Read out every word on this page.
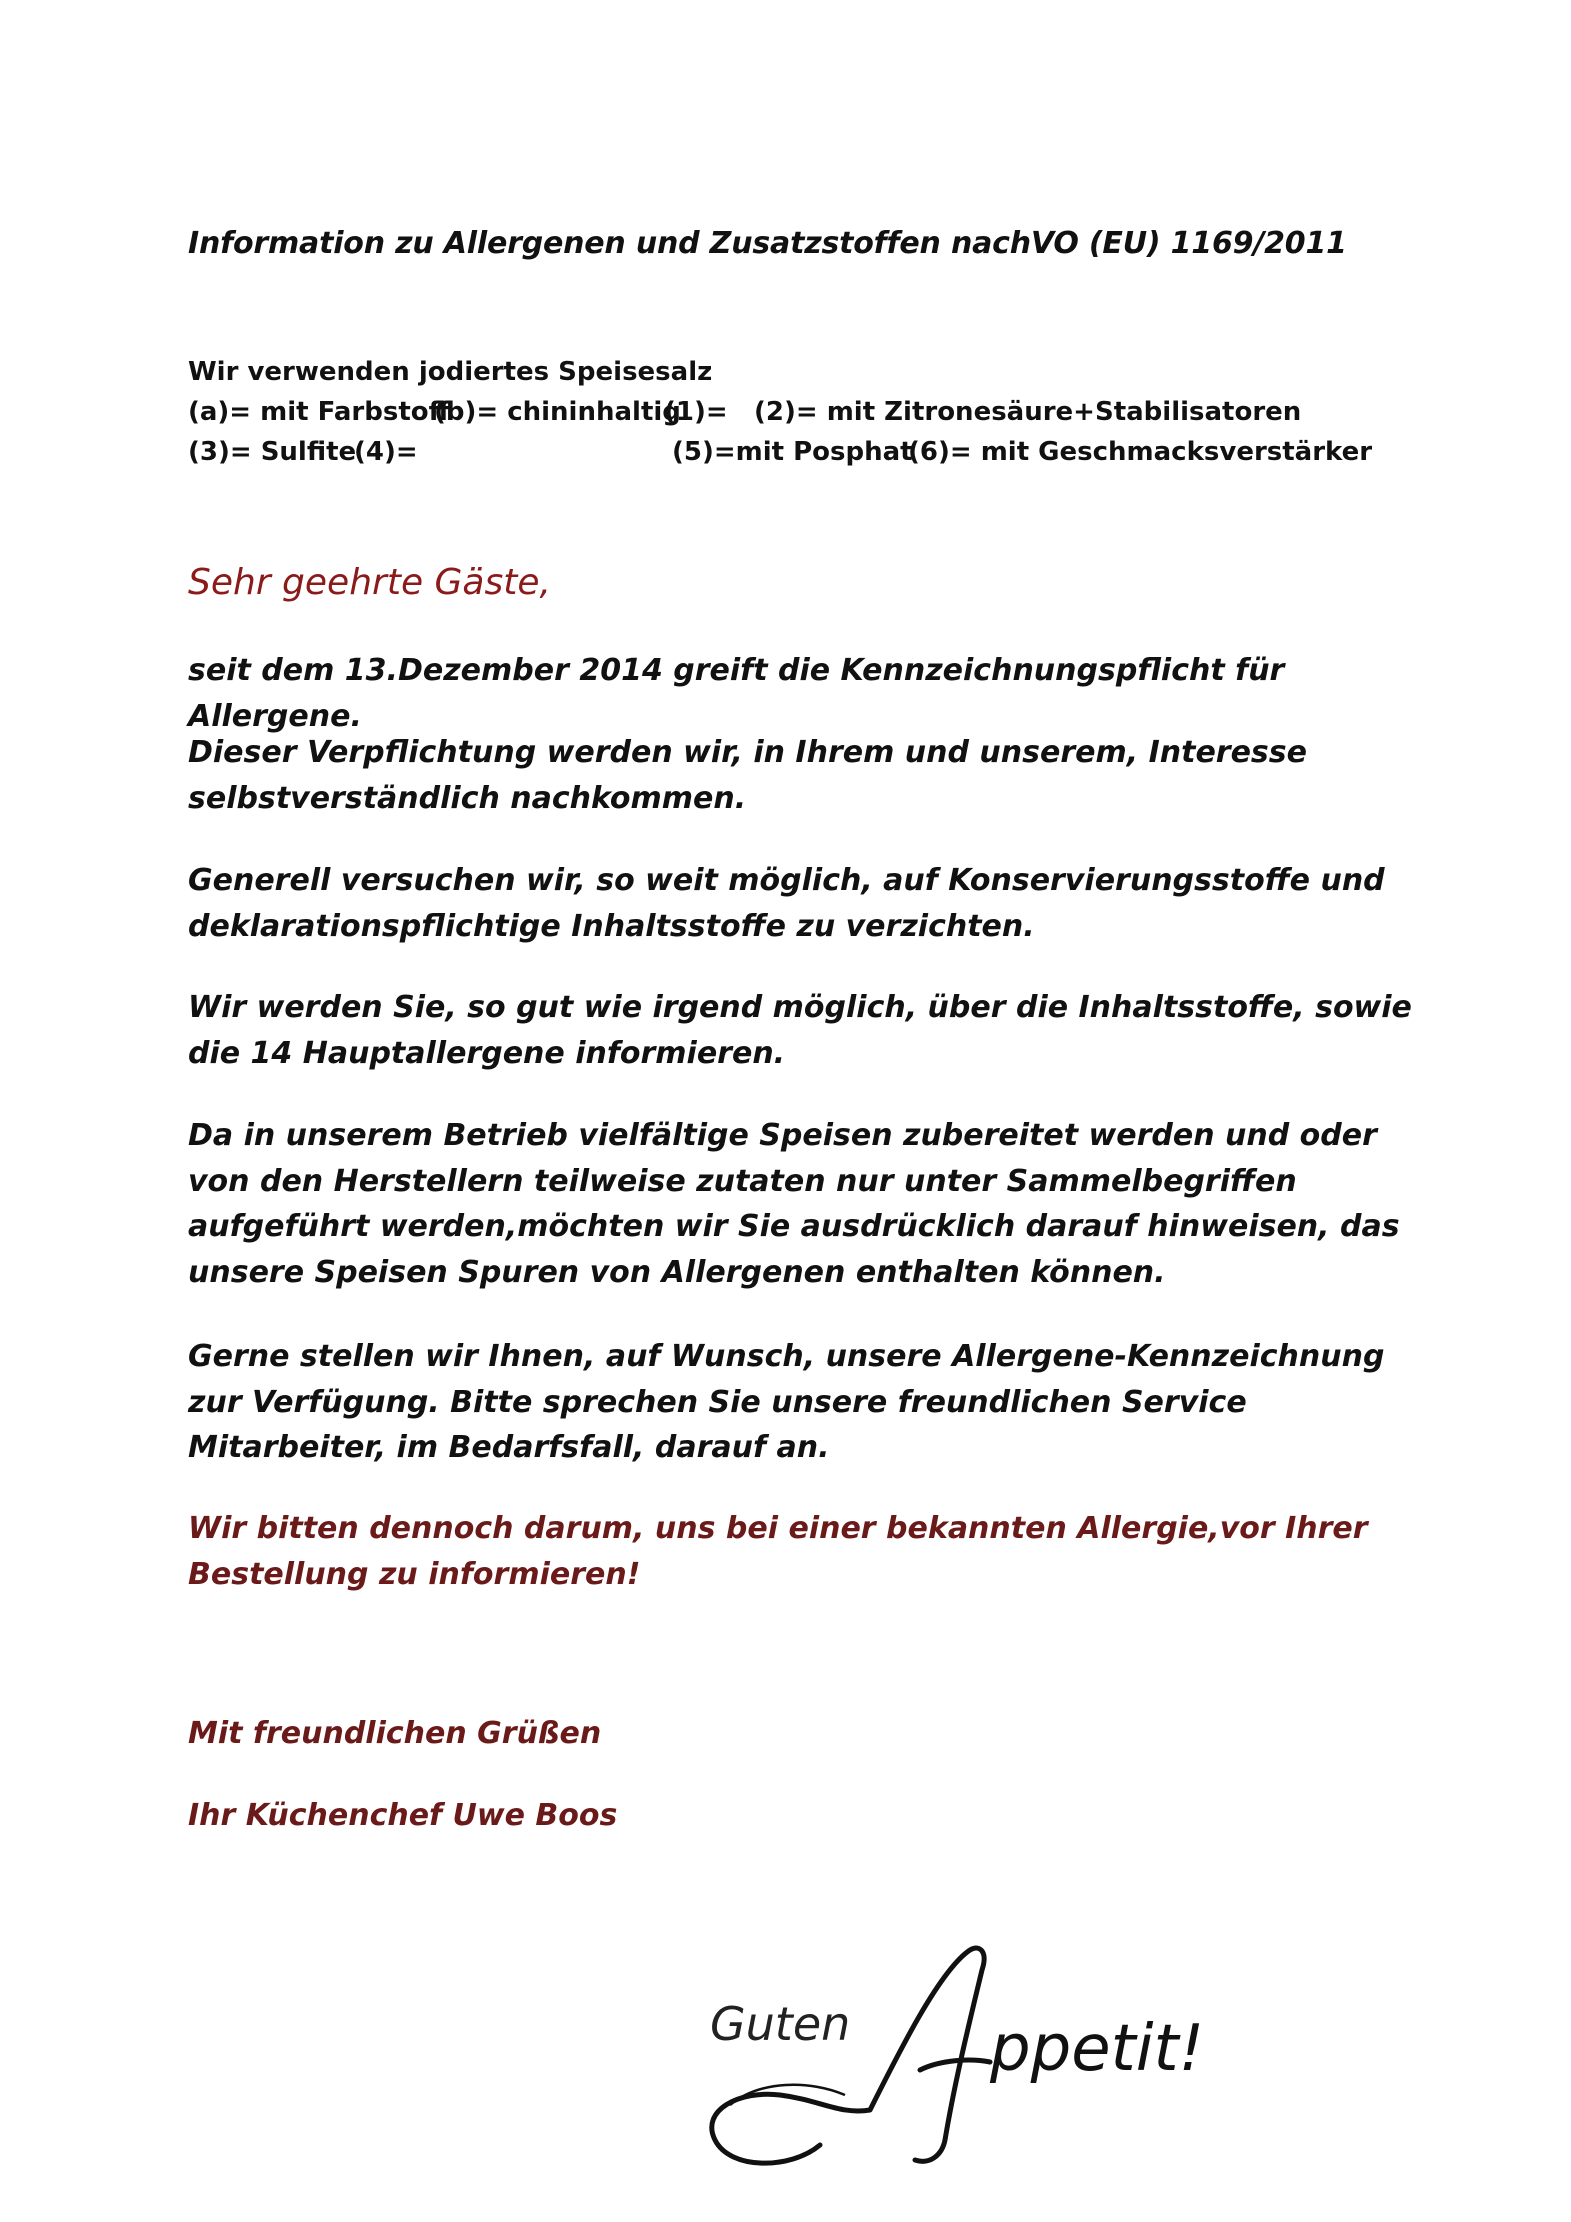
Information zu Allergenen und Zusatzstoffen nachVO (EU) 1169/2011
Wir verwenden jodiertes Speisesalz
(a)= mit Farbstoff
(b)= chininhaltig
(1)= (2)= mit Zitronesäure+Stabilisatoren
(3)= Sulfite
(4)=	(5)=mit Posphat
(6)= mit Geschmacksverstärker
Sehr geehrte Gäste,
seit dem 13.Dezember 2014 greift die Kennzeichnungspflicht für Allergene.
Dieser Verpflichtung werden wir, in Ihrem und unserem, Interesse selbstverständlich nachkommen.
Generell versuchen wir, so weit möglich, auf Konservierungsstoffe und deklarationspflichtige Inhaltsstoffe zu verzichten.
Wir werden Sie, so gut wie irgend möglich, über die Inhaltsstoffe, sowie die 14 Hauptallergene informieren.
Da in unserem Betrieb vielfältige Speisen zubereitet werden und oder von den Herstellern teilweise zutaten nur unter Sammelbegriffen aufgeführt werden,möchten wir Sie ausdrücklich darauf hinweisen, das unsere Speisen Spuren von Allergenen enthalten können.
Gerne stellen wir Ihnen, auf Wunsch, unsere Allergene-Kennzeichnung zur Verfügung. Bitte sprechen Sie unsere freundlichen Service Mitarbeiter, im Bedarfsfall, darauf an.
Wir bitten dennoch darum, uns bei einer bekannten Allergie,vor Ihrer Bestellung zu informieren!
Mit freundlichen Grüßen
Ihr Küchenchef Uwe Boos
Guten ppetit!
